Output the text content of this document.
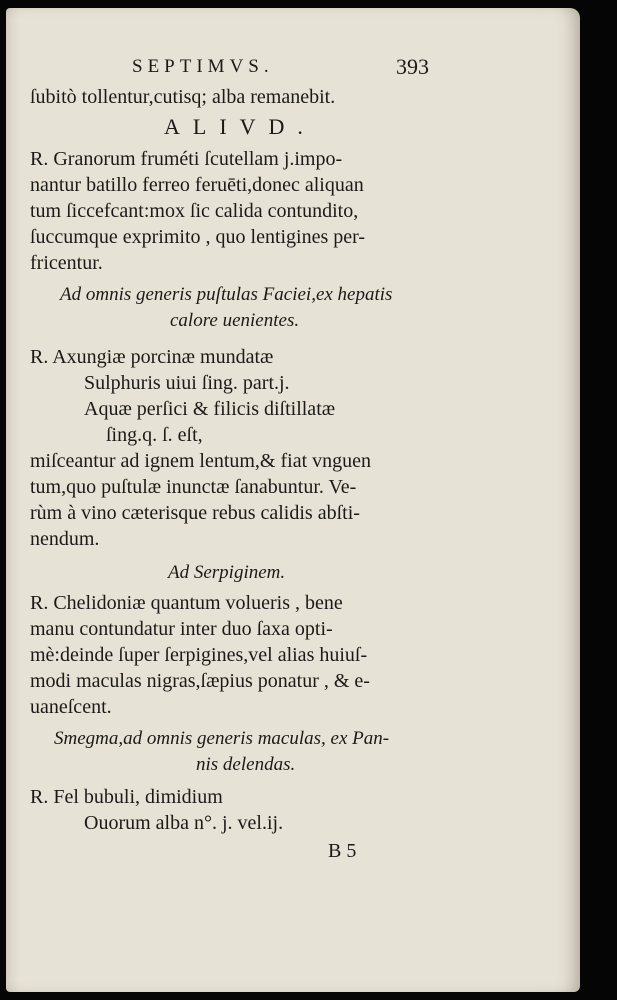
SEPTIMVS.	393
ſubitò tollentur,cutisq; alba remanebit.
ALIVD.
R. Granorum fruméti ſcutellam j.impo-
nantur batillo ferreo feruēti,donec aliquan
tum ſiccefcant:mox ſic calida contundito,
ſuccumque exprimito , quo lentigines per-
fricentur.
Ad omnis generis puſtulas Faciei,ex hepatis
calore uenientes.
R. Axungiæ porcinæ mundatæ
Sulphuris uiui ſing. part.j.
Aquæ perſici & filicis diſtillatæ
ſing.q. ſ. eſt,
miſceantur ad ignem lentum,& fiat vnguen
tum,quo puſtulæ inunctæ ſanabuntur. Ve-
rùm à vino cæterisque rebus calidis abſti-
nendum.
Ad Serpiginem.
R. Chelidoniæ quantum volueris , bene
manu contundatur inter duo ſaxa opti-
mè:deinde ſuper ſerpigines,vel alias huiuſ-
modi maculas nigras,ſæpius ponatur , & e-
uaneſcent.
Smegma,ad omnis generis maculas, ex Pan-
nis delendas.
R. Fel bubuli, dimidium
Ouorum alba n°. j. vel.ij.
B 5
